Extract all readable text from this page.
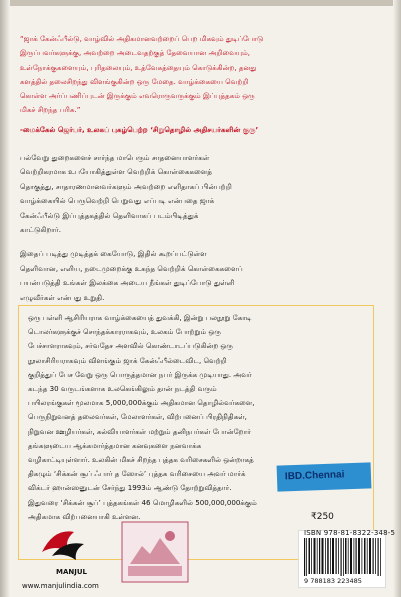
“ஜாக் கேன்ஃபீல்டு, வாழ்வில் அதிகமானவற்றைப் பெற மிகவும் துடிப்போடு
இருப்பவர்களுக்கு, அவற்றை அடைவதற்குத் தேவையான அறிவையும்,
உள்நோக்குகளையும், புரிதலையும், உத்வேகத்தையும் கொடுக்கின்ற, தனது
களத்தில் தலைசிறந்து விளங்குகின்ற ஒரு மேதை. வாழ்க்கையை வெற்றி
கொள்ள அர்ப்பணிப்புடன் இருக்கும் எவரொருவருக்கும் இப்புத்தகம் ஒரு
மிகச் சிறந்த பரிசு.”
-மைக்கேல் ஜெர்பர், உலகப் புகழ்பெற்ற ‘சிறுதொழில் அதிசயர்களின் குரு’
பல்வேறு துறைகளைச் சார்ந்த மாபெரும் சாதனையாளர்கள்
வெற்றிகரமாக உபயோகித்துள்ள வெற்றிக் கொள்கைகளைத்
தொகுத்து, சாதாரணமானவர்களும் அவற்றை எளிதாகப் பின்பற்றி
வாழ்க்கையில் பெருவெற்றி பெறுவது எப்படி என்பதை ஜாக்
கேன்ஃபீல்டு இப்புத்தகத்தில் தெளிவாகப் படம்பிடித்துக்
காட்டுகிறார்.
இதைப் படித்து முடித்தக் கையோடு, இதில் கூறப்பட்டுள்ள
தெளிவான, எளிய, நடைமுறைக்கு உகந்த வெற்றிக் கொள்கைகளைப்
பயன்படுத்தி உங்கள் இலக்கை அடைய நீங்கள் துடிப்போடு துள்ளி
எழுவீர்கள் என்பது உறுதி.
ஒரு பள்ளி ஆசிரியராக வாழ்க்கையைத் துவக்கி, இன்று பலநூறு கோடி
டொலர்களுக்குச் சொந்தக்காரராகவும், உலகம் போற்றும் ஒரு
பேச்சாளராகவும், சர்வதேச அளவில் கொண்டாடப்படுகின்ற ஒரு
நூலாசிரியராகவும் விளங்கும் ஜாக் கேன்ஃபீல்டைவிட, வெற்றி
குறித்துப் பேச வேறு ஒரு பொருத்தமான நபர் இருக்க முடியாது. அவர்
கடந்த 30 வருடங்களாக உலகெங்கிலும் தான் நடத்தி வரும்
பயிலரங்குகள் மூலமாக 5,000,000க்கும் அதிகமான தொழில்வர்களை,
பெருநிறுவனத் தலைவர்கள், மேலாளர்கள், விற்பனைப் பிரதிநிதிகள்,
நிறுவன ஊழியர்கள், கல்வியாளர்கள் மற்றும் தனிநபர்கள் போன்றோர்
தங்களுடைய ஆக்கமார்த்தமான கனவுகளை நனவாக்க
வழிகாட்டியுள்ளார். உலகின் மிகச் சிறந்த புத்தக வரிசைகளில் ஒன்றாகத்
திகழும் ‘சிக்கன் சூப் ஃபார் த ஸோல்’ புத்தக வரிசையை அவர் மார்க்
விக்டர் ஹான்ஸனுடன் சேர்ந்து 1993ம் ஆண்டு தோற்றுவித்தார்.
இதுவரை ‘சிக்கன் சூப்’ புத்தகங்கள் 46 மொழிகளில் 500,000,000க்கும்
அதிகமாக விற்பனையாகி உள்ளன.
IBD.Chennai
₹250
ISBN 978-81-8322-348-5
9 788183 223485
MANJUL
www.manjulindia.com
